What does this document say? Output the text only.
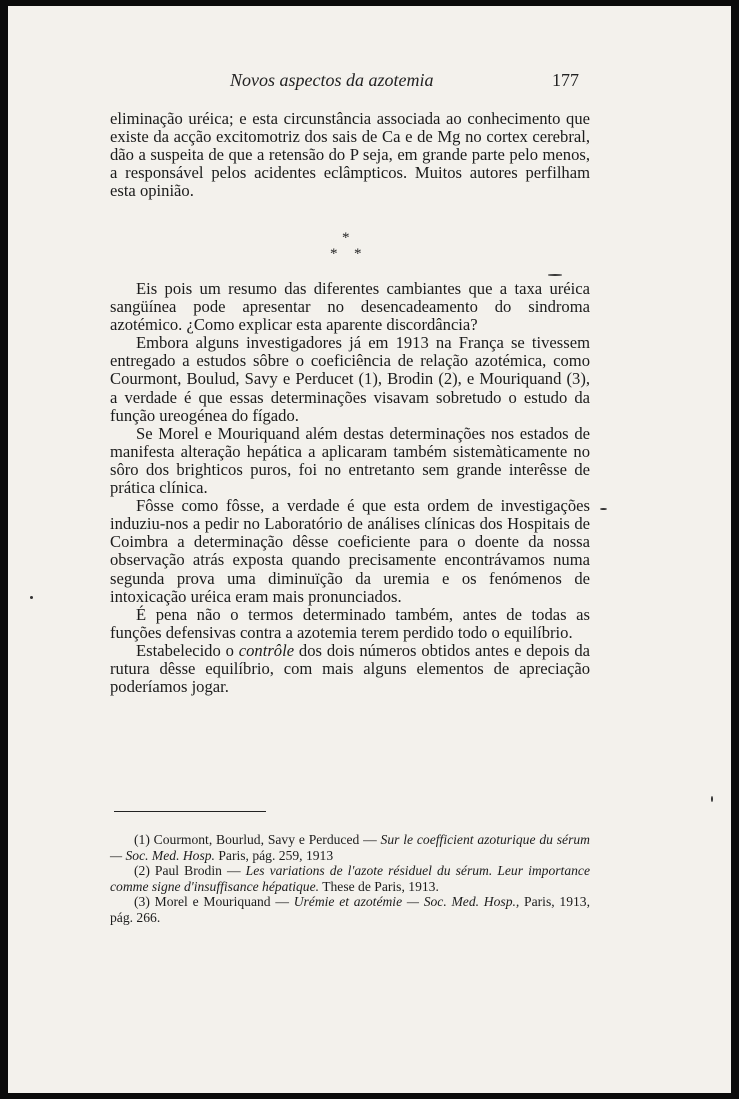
Novos aspectos da azotemia	177

eliminação uréica; e esta circunstância associada ao conhecimento que existe da acção excitomotriz dos sais de Ca e de Mg no cortex cerebral, dão a suspeita de que a retensão do P seja, em grande parte pelo menos, a responsável pelos acidentes eclâmpticos. Muitos autores perfilham esta opinião.

*
* *

Eis pois um resumo das diferentes cambiantes que a taxa uréica sangüínea pode apresentar no desencadeamento do sindroma azotémico. ¿Como explicar esta aparente discordância?

Embora alguns investigadores já em 1913 na França se tivessem entregado a estudos sôbre o coeficiência de relação azotémica, como Courmont, Boulud, Savy e Perducet (1), Brodin (2), e Mouriquand (3), a verdade é que essas determinações visavam sobretudo o estudo da função ureogénea do fígado.

Se Morel e Mouriquand além destas determinações nos estados de manifesta alteração hepática a aplicaram também sistemàticamente no sôro dos brighticos puros, foi no entretanto sem grande interêsse de prática clínica.

Fôsse como fôsse, a verdade é que esta ordem de investigações induziu-nos a pedir no Laboratório de análises clínicas dos Hospitais de Coimbra a determinação dêsse coeficiente para o doente da nossa observação atrás exposta quando precisamente encontrávamos numa segunda prova uma diminuïção da uremia e os fenómenos de intoxicação uréica eram mais pronunciados.

É pena não o termos determinado também, antes de todas as funções defensivas contra a azotemia terem perdido todo o equilíbrio.

Estabelecido o contrôle dos dois números obtidos antes e depois da rutura dêsse equilíbrio, com mais alguns elementos de apreciação poderíamos jogar.

(1) Courmont, Bourlud, Savy e Perduced — Sur le coefficient azoturique du sérum — Soc. Med. Hosp. Paris, pág. 259, 1913

(2) Paul Brodin — Les variations de l'azote résiduel du sérum. Leur importance comme signe d'insuffisance hépatique. These de Paris, 1913.

(3) Morel e Mouriquand — Urémie et azotémie — Soc. Med. Hosp., Paris, 1913, pág. 266.
